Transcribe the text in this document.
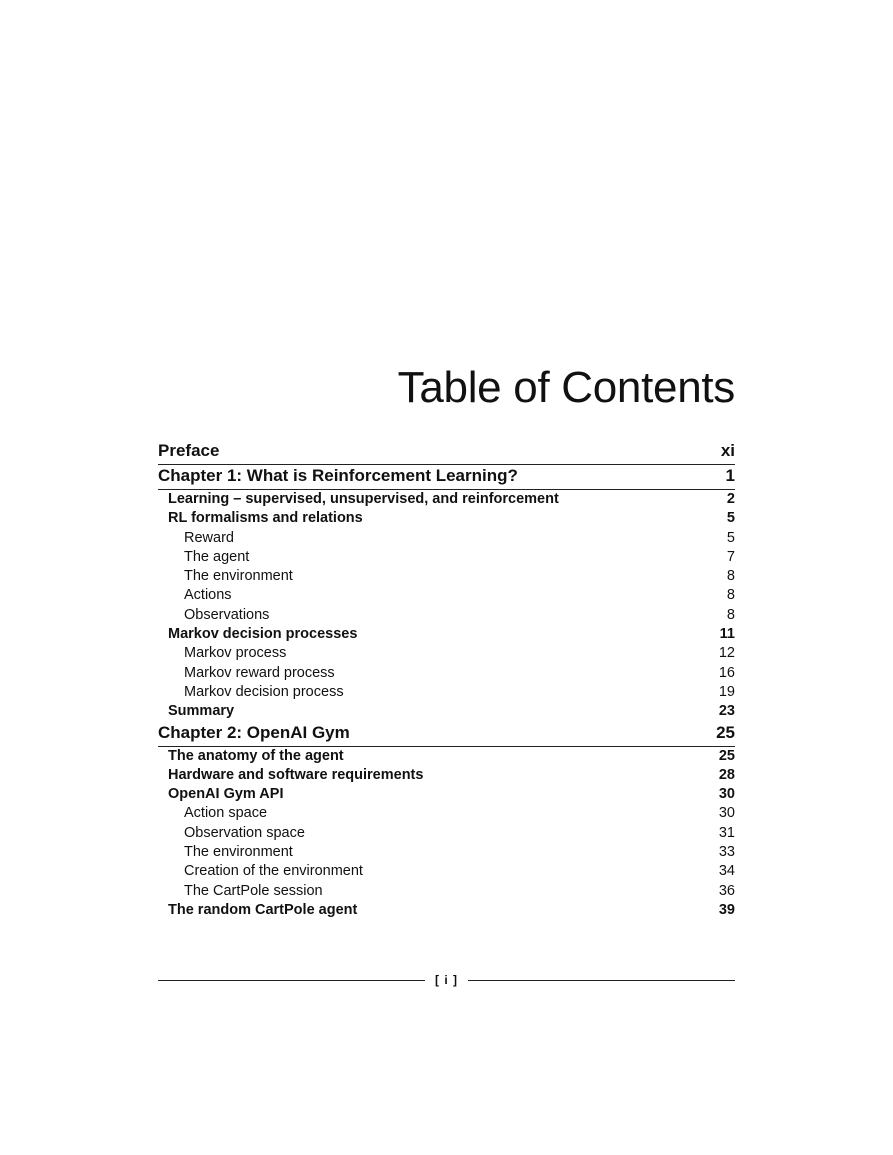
Table of Contents
Preface	xi
Chapter 1: What is Reinforcement Learning?	1
Learning – supervised, unsupervised, and reinforcement	2
RL formalisms and relations	5
Reward	5
The agent	7
The environment	8
Actions	8
Observations	8
Markov decision processes	11
Markov process	12
Markov reward process	16
Markov decision process	19
Summary	23
Chapter 2: OpenAI Gym	25
The anatomy of the agent	25
Hardware and software requirements	28
OpenAI Gym API	30
Action space	30
Observation space	31
The environment	33
Creation of the environment	34
The CartPole session	36
The random CartPole agent	39
[ i ]
